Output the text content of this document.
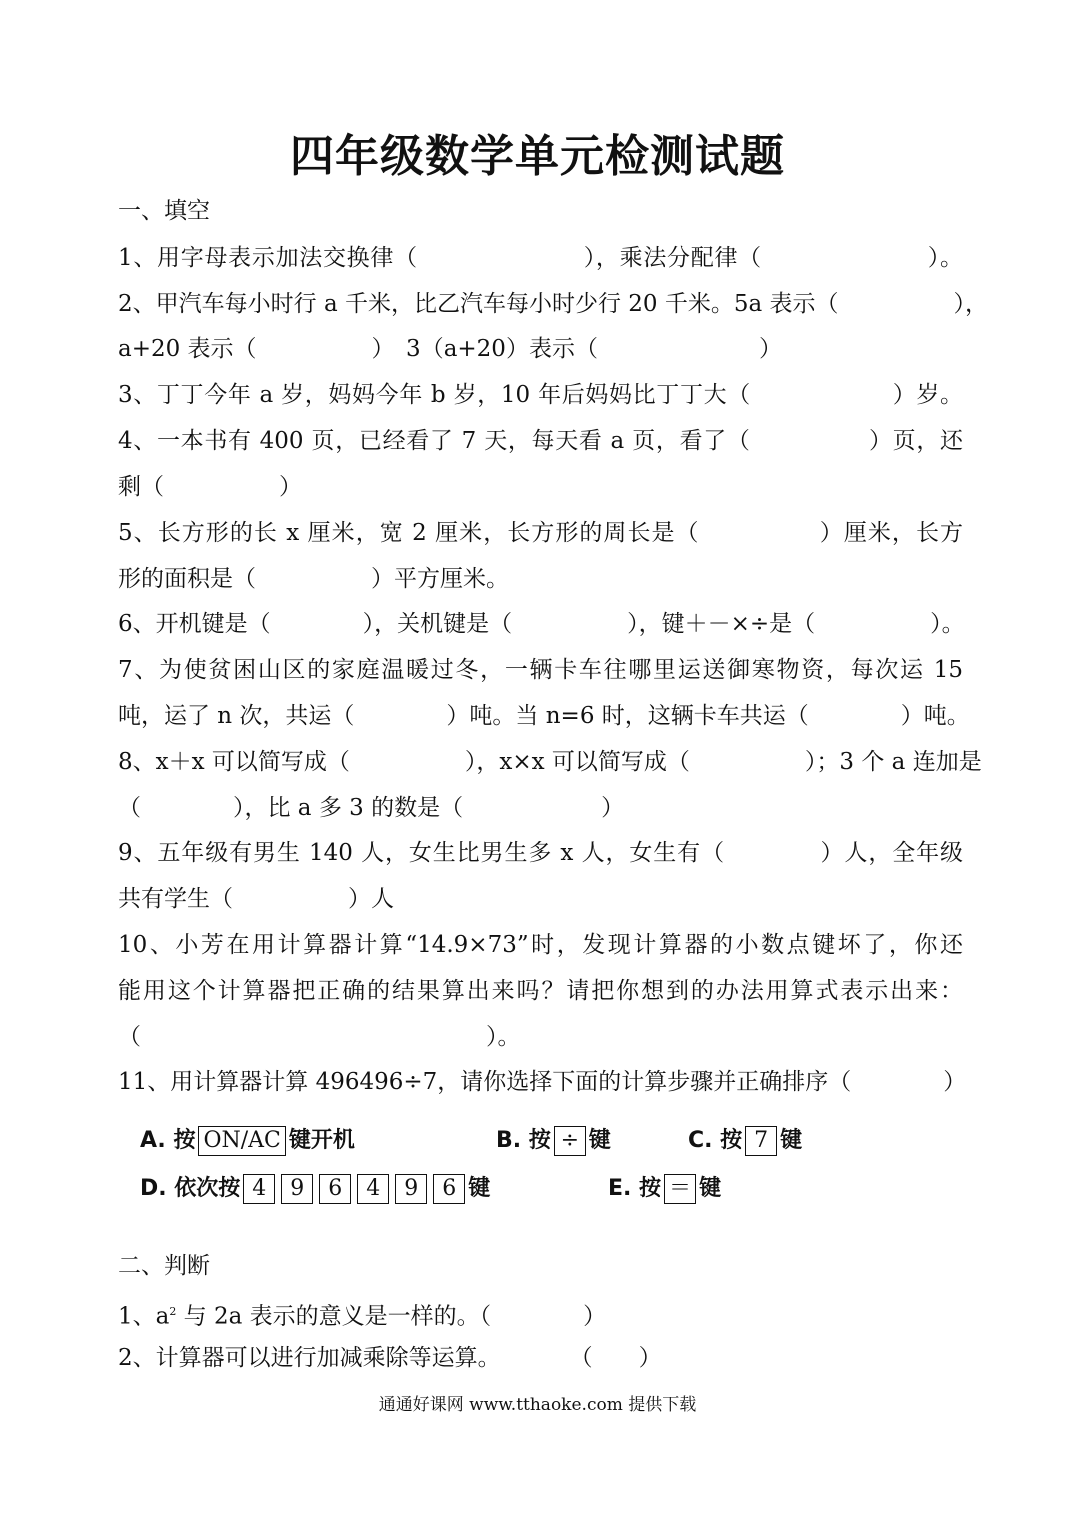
四年级数学单元检测试题
一、填空
1、用字母表示加法交换律（　　　　　　　），乘法分配律（　　　　　　　）。
2、甲汽车每小时行 a 千米，比乙汽车每小时少行 20 千米。5a 表示（　　　　　），
a+20 表示（　　　　　）　3（a+20）表示（　　　　　　　）
3、丁丁今年 a 岁，妈妈今年 b 岁，10 年后妈妈比丁丁大（　　　　　　）岁。
4、一本书有 400 页，已经看了 7 天，每天看 a 页，看了（　　　　　）页，还
剩（　　　　　）
5、长方形的长 x 厘米，宽 2 厘米，长方形的周长是（　　　　　）厘米，长方
形的面积是（　　　　　）平方厘米。
6、开机键是（　　　　），关机键是（　　　　　），键＋－×÷是（　　　　　）。
7、为使贫困山区的家庭温暖过冬，一辆卡车往哪里运送御寒物资，每次运 15
吨，运了 n 次，共运（　　　　）吨。当 n=6 时，这辆卡车共运（　　　　）吨。
8、x＋x 可以简写成（　　　　　），x×x 可以简写成（　　　　　）；3 个 a 连加是
（　　　　），比 a 多 3 的数是（　　　　　　）
9、五年级有男生 140 人，女生比男生多 x 人，女生有（　　　　）人，全年级
共有学生（　　　　　）人
10、小芳在用计算器计算“14.9×73”时，发现计算器的小数点键坏了，你还
能用这个计算器把正确的结果算出来吗？请把你想到的办法用算式表示出来：
（　　　　　　　　　　　　　　　）。
11、用计算器计算 496496÷7，请你选择下面的计算步骤并正确排序（　　　　）
A. 按 ON/AC 键开机	B. 按 ÷ 键	C. 按 7 键
D. 依次按 4	9	6	4	9	6 键	E. 按 ＝ 键
二、判断
1、$a^2$ 与 2a 表示的意义是一样的。（　　　　）
2、计算器可以进行加减乘除等运算。　　　　（　　）
通通好课网 www.tthaoke.com 提供下载
